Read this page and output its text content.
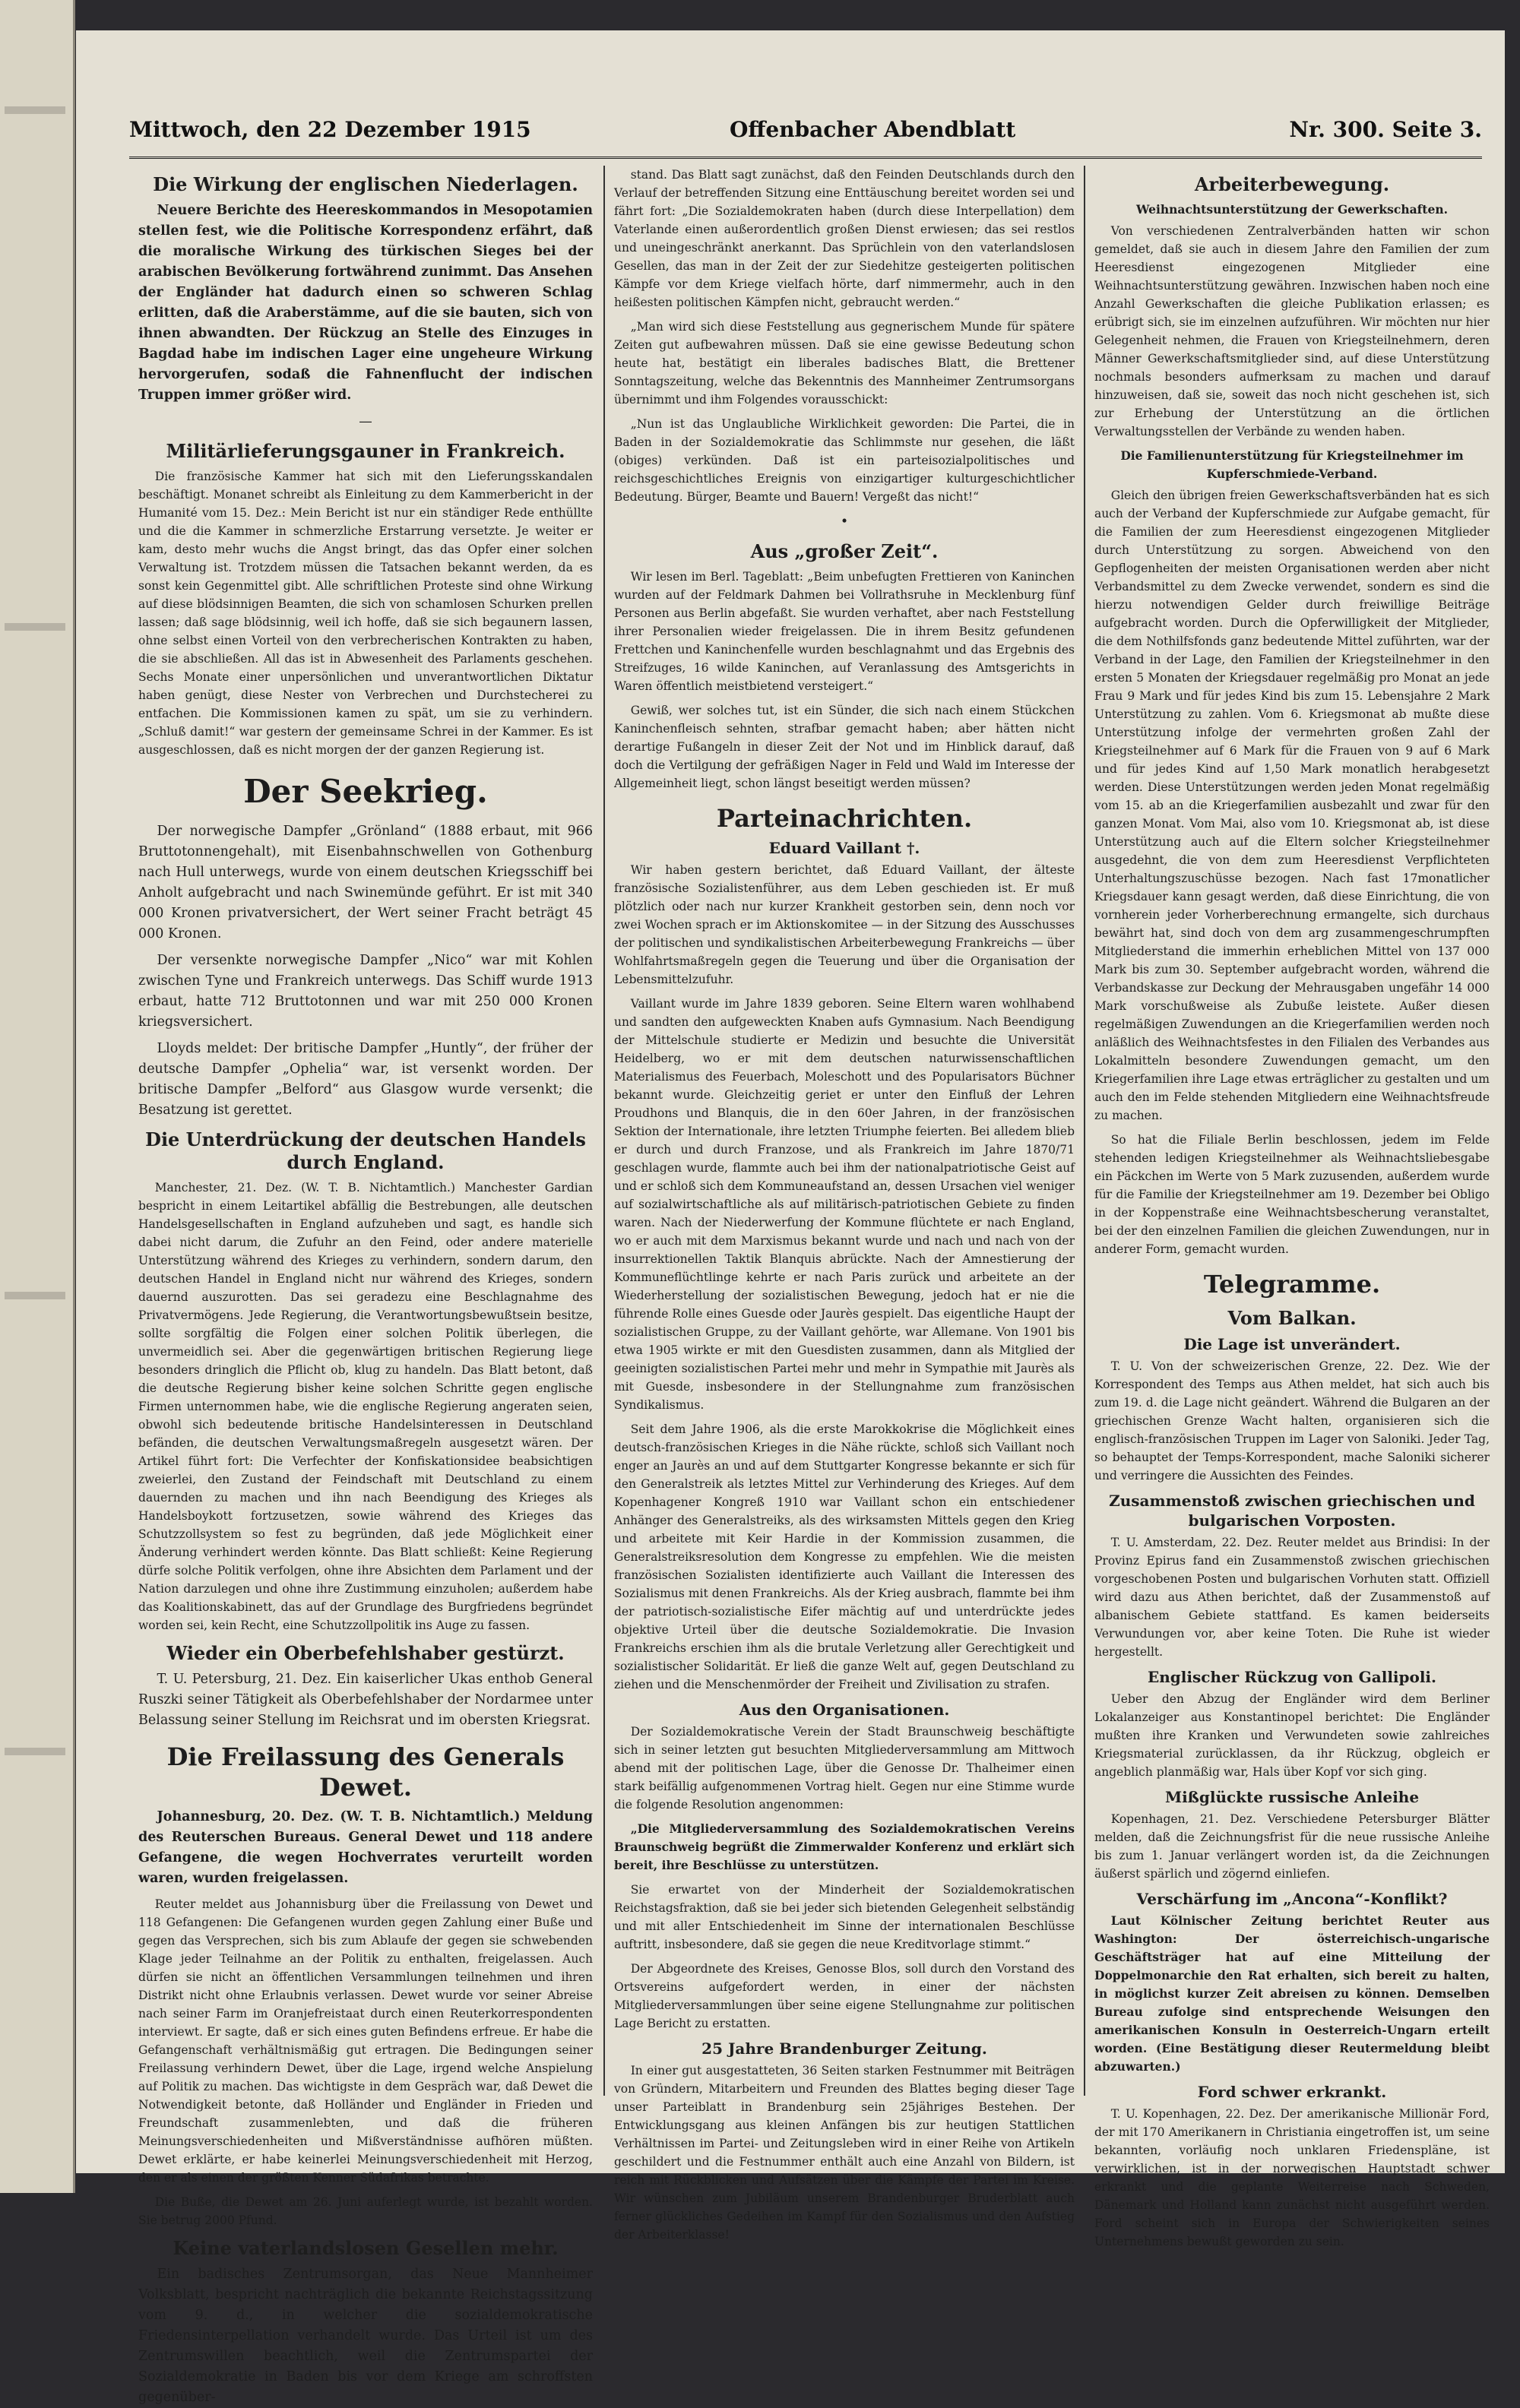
Mittwoch, den 22 Dezember 1915	Offenbacher Abendblatt	Nr. 300. Seite 3.
Die Wirkung der englischen Niederlagen.

Neuere Berichte des Heereskommandos in Mesopotamien stellen fest, wie die Politische Korrespondenz erfährt, daß die moralische Wirkung des türkischen Sieges bei der arabischen Bevölkerung fortwährend zunimmt. Das Ansehen der Engländer hat dadurch einen so schweren Schlag erlitten, daß die Araberstämme, auf die sie bauten, sich von ihnen abwandten. Der Rückzug an Stelle des Einzuges in Bagdad habe im indischen Lager eine ungeheure Wirkung hervorgerufen, sodaß die Fahnenflucht der indischen Truppen immer größer wird.

—
Militärlieferungsgauner in Frankreich.

Die französische Kammer hat sich mit den Lieferungsskandalen beschäftigt. Monanet schreibt als Einleitung zu dem Kammerbericht in der Humanité vom 15. Dez.: Mein Bericht ist nur ein ständiger Rede enthüllte und die die Kammer in schmerzliche Erstarrung versetzte. Je weiter er kam, desto mehr wuchs die Angst bringt, das das Opfer einer solchen Verwaltung ist. Trotzdem müssen die Tatsachen bekannt werden, da es sonst kein Gegenmittel gibt. Alle schriftlichen Proteste sind ohne Wirkung auf diese blödsinnigen Beamten, die sich von schamlosen Schurken prellen lassen; daß sage blödsinnig, weil ich hoffe, daß sie sich begaunern lassen, ohne selbst einen Vorteil von den verbrecherischen Kontrakten zu haben, die sie abschließen. All das ist in Abwesenheit des Parlaments geschehen. Sechs Monate einer unpersönlichen und unverantwortlichen Diktatur haben genügt, diese Nester von Verbrechen und Durchstecherei zu entfachen. Die Kommissionen kamen zu spät, um sie zu verhindern. „Schluß damit!“ war gestern der gemeinsame Schrei in der Kammer. Es ist ausgeschlossen, daß es nicht morgen der der ganzen Regierung ist.

Der Seekrieg.

Der norwegische Dampfer „Grönland“ (1888 erbaut, mit 966 Bruttotonnengehalt), mit Eisenbahnschwellen von Gothenburg nach Hull unterwegs, wurde von einem deutschen Kriegsschiff bei Anholt aufgebracht und nach Swinemünde geführt. Er ist mit 340 000 Kronen privatversichert, der Wert seiner Fracht beträgt 45 000 Kronen.

Der versenkte norwegische Dampfer „Nico“ war mit Kohlen zwischen Tyne und Frankreich unterwegs. Das Schiff wurde 1913 erbaut, hatte 712 Bruttotonnen und war mit 250 000 Kronen kriegsversichert.

Lloyds meldet: Der britische Dampfer „Huntly“, der früher der deutsche Dampfer „Ophelia“ war, ist versenkt worden. Der britische Dampfer „Belford“ aus Glasgow wurde versenkt; die Besatzung ist gerettet.

Die Unterdrückung der deutschen Handels durch England.

Manchester, 21. Dez. (W. T. B. Nichtamtlich.) Manchester Gardian bespricht in einem Leitartikel abfällig die Bestrebungen, alle deutschen Handelsgesellschaften in England aufzuheben und sagt, es handle sich dabei nicht darum, die Zufuhr an den Feind, oder andere materielle Unterstützung während des Krieges zu verhindern, sondern darum, den deutschen Handel in England nicht nur während des Krieges, sondern dauernd auszurotten. Das sei geradezu eine Beschlagnahme des Privatvermögens. Jede Regierung, die Verantwortungsbewußtsein besitze, sollte sorgfältig die Folgen einer solchen Politik überlegen, die unvermeidlich sei. Aber die gegenwärtigen britischen Regierung liege besonders dringlich die Pflicht ob, klug zu handeln. Das Blatt betont, daß die deutsche Regierung bisher keine solchen Schritte gegen englische Firmen unternommen habe, wie die englische Regierung angeraten seien, obwohl sich bedeutende britische Handelsinteressen in Deutschland befänden, die deutschen Verwaltungsmaßregeln ausgesetzt wären. Der Artikel führt fort: Die Verfechter der Konfiskationsidee beabsichtigen zweierlei, den Zustand der Feindschaft mit Deutschland zu einem dauernden zu machen und ihn nach Beendigung des Krieges als Handelsboykott fortzusetzen, sowie während des Krieges das Schutzzollsystem so fest zu begründen, daß jede Möglichkeit einer Änderung verhindert werden könnte. Das Blatt schließt: Keine Regierung dürfe solche Politik verfolgen, ohne ihre Absichten dem Parlament und der Nation darzulegen und ohne ihre Zustimmung einzuholen; außerdem habe das Koalitionskabinett, das auf der Grundlage des Burgfriedens begründet worden sei, kein Recht, eine Schutzzollpolitik ins Auge zu fassen.

Wieder ein Oberbefehlshaber gestürzt.

T. U. Petersburg, 21. Dez. Ein kaiserlicher Ukas enthob General Ruszki seiner Tätigkeit als Oberbefehlshaber der Nordarmee unter Belassung seiner Stellung im Reichsrat und im obersten Kriegsrat.

Die Freilassung des Generals Dewet.

Johannesburg, 20. Dez. (W. T. B. Nichtamtlich.) Meldung des Reuterschen Bureaus. General Dewet und 118 andere Gefangene, die wegen Hochverrates verurteilt worden waren, wurden freigelassen.

Reuter meldet aus Johannisburg über die Freilassung von Dewet und 118 Gefangenen: Die Gefangenen wurden gegen Zahlung einer Buße und gegen das Versprechen, sich bis zum Ablaufe der gegen sie schwebenden Klage jeder Teilnahme an der Politik zu enthalten, freigelassen. Auch dürfen sie nicht an öffentlichen Versammlungen teilnehmen und ihren Distrikt nicht ohne Erlaubnis verlassen. Dewet wurde vor seiner Abreise nach seiner Farm im Oranjefreistaat durch einen Reuterkorrespondenten interviewt. Er sagte, daß er sich eines guten Befindens erfreue. Er habe die Gefangenschaft verhältnismäßig gut ertragen. Die Bedingungen seiner Freilassung verhindern Dewet, über die Lage, irgend welche Anspielung auf Politik zu machen. Das wichtigste in dem Gespräch war, daß Dewet die Notwendigkeit betonte, daß Holländer und Engländer in Frieden und Freundschaft zusammenlebten, und daß die früheren Meinungsverschiedenheiten und Mißverständnisse aufhören müßten. Dewet erklärte, er habe keinerlei Meinungsverschiedenheit mit Herzog, den er als einen der größten Kenner Südafrikas betrachte.

Die Buße, die Dewet am 26. Juni auferlegt wurde, ist bezahlt worden. Sie betrug 2000 Pfund.

Keine vaterlandslosen Gesellen mehr.

Ein badisches Zentrumsorgan, das Neue Mannheimer Volksblatt, bespricht nachträglich die bekannte Reichstagssitzung vom 9. d., in welcher die sozialdemokratische Friedensinterpellation verhandelt wurde. Das Urteil ist um des Zentrumswillen beachtlich, weil die Zentrumspartei der Sozialdemokratie in Baden bis vor dem Kriege am schroffsten gegenüber-

stand. Das Blatt sagt zunächst, daß den Feinden Deutschlands durch den Verlauf der betreffenden Sitzung eine Enttäuschung bereitet worden sei und fährt fort: „Die Sozialdemokraten haben (durch diese Interpellation) dem Vaterlande einen außerordentlich großen Dienst erwiesen; das sei restlos und uneingeschränkt anerkannt. Das Sprüchlein von den vaterlandslosen Gesellen, das man in der Zeit der zur Siedehitze gesteigerten politischen Kämpfe vor dem Kriege vielfach hörte, darf nimmermehr, auch in den heißesten politischen Kämpfen nicht, gebraucht werden.“

„Man wird sich diese Feststellung aus gegnerischem Munde für spätere Zeiten gut aufbewahren müssen. Daß sie eine gewisse Bedeutung schon heute hat, bestätigt ein liberales badisches Blatt, die Brettener Sonntagszeitung, welche das Bekenntnis des Mannheimer Zentrumsorgans übernimmt und ihm Folgendes vorausschickt:

„Nun ist das Unglaubliche Wirklichkeit geworden: Die Partei, die in Baden in der Sozialdemokratie das Schlimmste nur gesehen, die läßt (obiges) verkünden. Daß ist ein parteisozialpolitisches und reichsgeschichtliches Ereignis von einzigartiger kulturgeschichtlicher Bedeutung. Bürger, Beamte und Bauern! Vergeßt das nicht!“

•
Aus „großer Zeit“.

Wir lesen im Berl. Tageblatt: „Beim unbefugten Frettieren von Kaninchen wurden auf der Feldmark Dahmen bei Vollrathsruhe in Mecklenburg fünf Personen aus Berlin abgefaßt. Sie wurden verhaftet, aber nach Feststellung ihrer Personalien wieder freigelassen. Die in ihrem Besitz gefundenen Frettchen und Kaninchenfelle wurden beschlagnahmt und das Ergebnis des Streifzuges, 16 wilde Kaninchen, auf Veranlassung des Amtsgerichts in Waren öffentlich meistbietend versteigert.“

Gewiß, wer solches tut, ist ein Sünder, die sich nach einem Stückchen Kaninchenfleisch sehnten, strafbar gemacht haben; aber hätten nicht derartige Fußangeln in dieser Zeit der Not und im Hinblick darauf, daß doch die Vertilgung der gefräßigen Nager in Feld und Wald im Interesse der Allgemeinheit liegt, schon längst beseitigt werden müssen?

Parteinachrichten.
Eduard Vaillant †.

Wir haben gestern berichtet, daß Eduard Vaillant, der älteste französische Sozialistenführer, aus dem Leben geschieden ist. Er muß plötzlich oder nach nur kurzer Krankheit gestorben sein, denn noch vor zwei Wochen sprach er im Aktionskomitee — in der Sitzung des Ausschusses der politischen und syndikalistischen Arbeiterbewegung Frankreichs — über Wohlfahrtsmaßregeln gegen die Teuerung und über die Organisation der Lebensmittelzufuhr.

Vaillant wurde im Jahre 1839 geboren. Seine Eltern waren wohlhabend und sandten den aufgeweckten Knaben aufs Gymnasium. Nach Beendigung der Mittelschule studierte er Medizin und besuchte die Universität Heidelberg, wo er mit dem deutschen naturwissenschaftlichen Materialismus des Feuerbach, Moleschott und des Popularisators Büchner bekannt wurde. Gleichzeitig geriet er unter den Einfluß der Lehren Proudhons und Blanquis, die in den 60er Jahren, in der französischen Sektion der Internationale, ihre letzten Triumphe feierten. Bei alledem blieb er durch und durch Franzose, und als Frankreich im Jahre 1870/71 geschlagen wurde, flammte auch bei ihm der nationalpatriotische Geist auf und er schloß sich dem Kommuneaufstand an, dessen Ursachen viel weniger auf sozialwirtschaftliche als auf militärisch-patriotischen Gebiete zu finden waren. Nach der Niederwerfung der Kommune flüchtete er nach England, wo er auch mit dem Marxismus bekannt wurde und nach und nach von der insurrektionellen Taktik Blanquis abrückte. Nach der Amnestierung der Kommuneflüchtlinge kehrte er nach Paris zurück und arbeitete an der Wiederherstellung der sozialistischen Bewegung, jedoch hat er nie die führende Rolle eines Guesde oder Jaurès gespielt. Das eigentliche Haupt der sozialistischen Gruppe, zu der Vaillant gehörte, war Allemane. Von 1901 bis etwa 1905 wirkte er mit den Guesdisten zusammen, dann als Mitglied der geeinigten sozialistischen Partei mehr und mehr in Sympathie mit Jaurès als mit Guesde, insbesondere in der Stellungnahme zum französischen Syndikalismus.

Seit dem Jahre 1906, als die erste Marokkokrise die Möglichkeit eines deutsch-französischen Krieges in die Nähe rückte, schloß sich Vaillant noch enger an Jaurès an und auf dem Stuttgarter Kongresse bekannte er sich für den Generalstreik als letztes Mittel zur Verhinderung des Krieges. Auf dem Kopenhagener Kongreß 1910 war Vaillant schon ein entschiedener Anhänger des Generalstreiks, als des wirksamsten Mittels gegen den Krieg und arbeitete mit Keir Hardie in der Kommission zusammen, die Generalstreiksresolution dem Kongresse zu empfehlen. Wie die meisten französischen Sozialisten identifizierte auch Vaillant die Interessen des Sozialismus mit denen Frankreichs. Als der Krieg ausbrach, flammte bei ihm der patriotisch-sozialistische Eifer mächtig auf und unterdrückte jedes objektive Urteil über die deutsche Sozialdemokratie. Die Invasion Frankreichs erschien ihm als die brutale Verletzung aller Gerechtigkeit und sozialistischer Solidarität. Er ließ die ganze Welt auf, gegen Deutschland zu ziehen und die Menschenmörder der Freiheit und Zivilisation zu strafen.

Aus den Organisationen.

Der Sozialdemokratische Verein der Stadt Braunschweig beschäftigte sich in seiner letzten gut besuchten Mitgliederversammlung am Mittwoch abend mit der politischen Lage, über die Genosse Dr. Thalheimer einen stark beifällig aufgenommenen Vortrag hielt. Gegen nur eine Stimme wurde die folgende Resolution angenommen:

„Die Mitgliederversammlung des Sozialdemokratischen Vereins Braunschweig begrüßt die Zimmerwalder Konferenz und erklärt sich bereit, ihre Beschlüsse zu unterstützen.

Sie erwartet von der Minderheit der Sozialdemokratischen Reichstagsfraktion, daß sie bei jeder sich bietenden Gelegenheit selbständig und mit aller Entschiedenheit im Sinne der internationalen Beschlüsse auftritt, insbesondere, daß sie gegen die neue Kreditvorlage stimmt.“

Der Abgeordnete des Kreises, Genosse Blos, soll durch den Vorstand des Ortsvereins aufgefordert werden, in einer der nächsten Mitgliederversammlungen über seine eigene Stellungnahme zur politischen Lage Bericht zu erstatten.

25 Jahre Brandenburger Zeitung.

In einer gut ausgestatteten, 36 Seiten starken Festnummer mit Beiträgen von Gründern, Mitarbeitern und Freunden des Blattes beging dieser Tage unser Parteiblatt in Brandenburg sein 25jähriges Bestehen. Der Entwicklungsgang aus kleinen Anfängen bis zur heutigen Stattlichen Verhältnissen im Partei- und Zeitungsleben wird in einer Reihe von Artikeln geschildert und die Festnummer enthält auch eine Anzahl von Bildern, ist reich mit Rückblicken und Aufsätzen über die Kämpfe der Partei im Kreise. Wir wünschen zum Jubiläum unserem Brandenburger Bruderblatt auch ferner glückliches Gedeihen im Kampf für den Sozialismus und den Aufstieg der Arbeiterklasse!

Arbeiterbewegung.
Weihnachtsunterstützung der Gewerkschaften.

Von verschiedenen Zentralverbänden hatten wir schon gemeldet, daß sie auch in diesem Jahre den Familien der zum Heeresdienst eingezogenen Mitglieder eine Weihnachtsunterstützung gewähren. Inzwischen haben noch eine Anzahl Gewerkschaften die gleiche Publikation erlassen; es erübrigt sich, sie im einzelnen aufzuführen. Wir möchten nur hier Gelegenheit nehmen, die Frauen von Kriegsteilnehmern, deren Männer Gewerkschaftsmitglieder sind, auf diese Unterstützung nochmals besonders aufmerksam zu machen und darauf hinzuweisen, daß sie, soweit das noch nicht geschehen ist, sich zur Erhebung der Unterstützung an die örtlichen Verwaltungsstellen der Verbände zu wenden haben.

Die Familienunterstützung für Kriegsteilnehmer im Kupferschmiede-Verband.

Gleich den übrigen freien Gewerkschaftsverbänden hat es sich auch der Verband der Kupferschmiede zur Aufgabe gemacht, für die Familien der zum Heeresdienst eingezogenen Mitglieder durch Unterstützung zu sorgen. Abweichend von den Gepflogenheiten der meisten Organisationen werden aber nicht Verbandsmittel zu dem Zwecke verwendet, sondern es sind die hierzu notwendigen Gelder durch freiwillige Beiträge aufgebracht worden. Durch die Opferwilligkeit der Mitglieder, die dem Nothilfsfonds ganz bedeutende Mittel zuführten, war der Verband in der Lage, den Familien der Kriegsteilnehmer in den ersten 5 Monaten der Kriegsdauer regelmäßig pro Monat an jede Frau 9 Mark und für jedes Kind bis zum 15. Lebensjahre 2 Mark Unterstützung zu zahlen. Vom 6. Kriegsmonat ab mußte diese Unterstützung infolge der vermehrten großen Zahl der Kriegsteilnehmer auf 6 Mark für die Frauen von 9 auf 6 Mark und für jedes Kind auf 1,50 Mark monatlich herabgesetzt werden. Diese Unterstützungen werden jeden Monat regelmäßig vom 15. ab an die Kriegerfamilien ausbezahlt und zwar für den ganzen Monat. Vom Mai, also vom 10. Kriegsmonat ab, ist diese Unterstützung auch auf die Eltern solcher Kriegsteilnehmer ausgedehnt, die von dem zum Heeresdienst Verpflichteten Unterhaltungszuschüsse bezogen. Nach fast 17monatlicher Kriegsdauer kann gesagt werden, daß diese Einrichtung, die von vornherein jeder Vorherberechnung ermangelte, sich durchaus bewährt hat, sind doch von dem arg zusammengeschrumpften Mitgliederstand die immerhin erheblichen Mittel von 137 000 Mark bis zum 30. September aufgebracht worden, während die Verbandskasse zur Deckung der Mehrausgaben ungefähr 14 000 Mark vorschußweise als Zubuße leistete. Außer diesen regelmäßigen Zuwendungen an die Kriegerfamilien werden noch anläßlich des Weihnachtsfestes in den Filialen des Verbandes aus Lokalmitteln besondere Zuwendungen gemacht, um den Kriegerfamilien ihre Lage etwas erträglicher zu gestalten und um auch den im Felde stehenden Mitgliedern eine Weihnachtsfreude zu machen.

So hat die Filiale Berlin beschlossen, jedem im Felde stehenden ledigen Kriegsteilnehmer als Weihnachtsliebesgabe ein Päckchen im Werte von 5 Mark zuzusenden, außerdem wurde für die Familie der Kriegsteilnehmer am 19. Dezember bei Obligo in der Koppenstraße eine Weihnachtsbescherung veranstaltet, bei der den einzelnen Familien die gleichen Zuwendungen, nur in anderer Form, gemacht wurden.

Telegramme.
Vom Balkan.
Die Lage ist unverändert.

T. U. Von der schweizerischen Grenze, 22. Dez. Wie der Korrespondent des Temps aus Athen meldet, hat sich auch bis zum 19. d. die Lage nicht geändert. Während die Bulgaren an der griechischen Grenze Wacht halten, organisieren sich die englisch-französischen Truppen im Lager von Saloniki. Jeder Tag, so behauptet der Temps-Korrespondent, mache Saloniki sicherer und verringere die Aussichten des Feindes.

Zusammenstoß zwischen griechischen und bulgarischen Vorposten.

T. U. Amsterdam, 22. Dez. Reuter meldet aus Brindisi: In der Provinz Epirus fand ein Zusammenstoß zwischen griechischen vorgeschobenen Posten und bulgarischen Vorhuten statt. Offiziell wird dazu aus Athen berichtet, daß der Zusammenstoß auf albanischem Gebiete stattfand. Es kamen beiderseits Verwundungen vor, aber keine Toten. Die Ruhe ist wieder hergestellt.

Englischer Rückzug von Gallipoli.

Ueber den Abzug der Engländer wird dem Berliner Lokalanzeiger aus Konstantinopel berichtet: Die Engländer mußten ihre Kranken und Verwundeten sowie zahlreiches Kriegsmaterial zurücklassen, da ihr Rückzug, obgleich er angeblich planmäßig war, Hals über Kopf vor sich ging.

Mißglückte russische Anleihe

Kopenhagen, 21. Dez. Verschiedene Petersburger Blätter melden, daß die Zeichnungsfrist für die neue russische Anleihe bis zum 1. Januar verlängert worden ist, da die Zeichnungen äußerst spärlich und zögernd einliefen.

Verschärfung im „Ancona“-Konflikt?

Laut Kölnischer Zeitung berichtet Reuter aus Washington: Der österreichisch-ungarische Geschäftsträger hat auf eine Mitteilung der Doppelmonarchie den Rat erhalten, sich bereit zu halten, in möglichst kurzer Zeit abreisen zu können. Demselben Bureau zufolge sind entsprechende Weisungen den amerikanischen Konsuln in Oesterreich-Ungarn erteilt worden. (Eine Bestätigung dieser Reutermeldung bleibt abzuwarten.)

Ford schwer erkrankt.

T. U. Kopenhagen, 22. Dez. Der amerikanische Millionär Ford, der mit 170 Amerikanern in Christiania eingetroffen ist, um seine bekannten, vorläufig noch unklaren Friedenspläne, ist verwirklichen, ist in der norwegischen Hauptstadt schwer erkrankt und die geplante Weiterreise nach Schweden, Dänemark und Holland kann zunächst nicht ausgeführt werden. Ford scheint sich in Europa der Schwierigkeiten seines Unternehmens bewußt geworden zu sein.
